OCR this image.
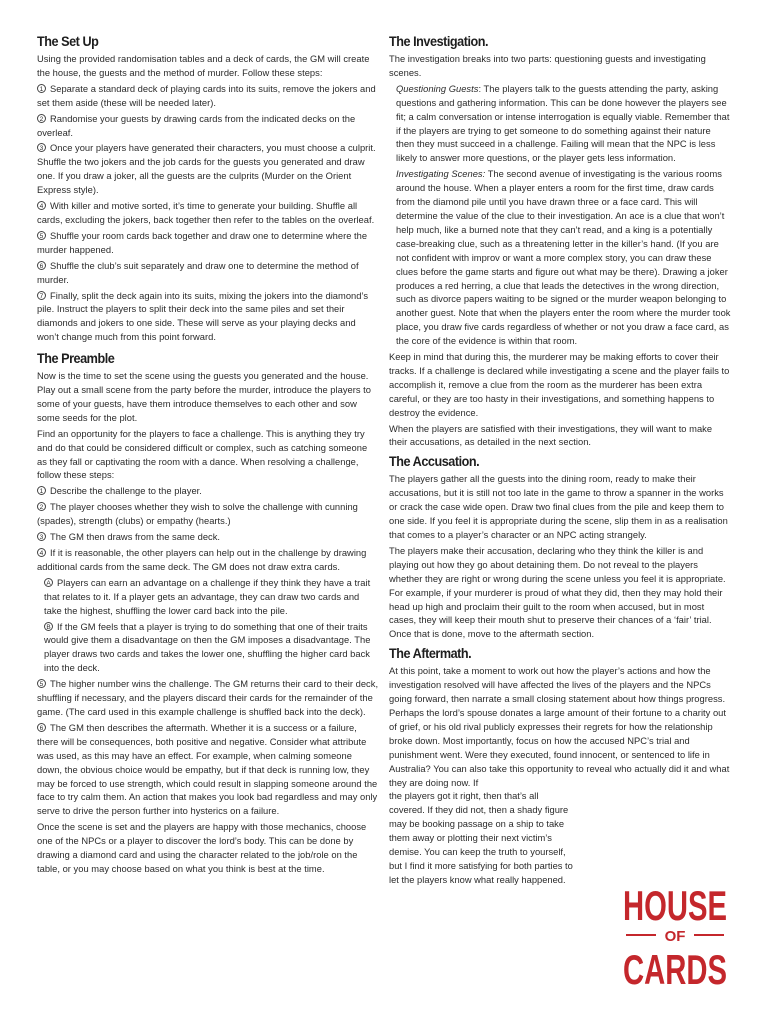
The Set Up

Using the provided randomisation tables and a deck of cards, the GM will create the house, the guests and the method of murder. Follow these steps:

1 Separate a standard deck of playing cards into its suits, remove the jokers and set them aside (these will be needed later).

2 Randomise your guests by drawing cards from the indicated decks on the overleaf.

3 Once your players have generated their characters, you must choose a culprit. Shuffle the two jokers and the job cards for the guests you generated and draw one. If you draw a joker, all the guests are the culprits (Murder on the Orient Express style).

4 With killer and motive sorted, it’s time to generate your building. Shuffle all cards, excluding the jokers, back together then refer to the tables on the overleaf.

5 Shuffle your room cards back together and draw one to determine where the murder happened.

6 Shuffle the club’s suit separately and draw one to determine the method of murder.

7 Finally, split the deck again into its suits, mixing the jokers into the diamond’s pile. Instruct the players to split their deck into the same piles and set their diamonds and jokers to one side. These will serve as your playing decks and won’t change much from this point forward.

The Preamble

Now is the time to set the scene using the guests you generated and the house. Play out a small scene from the party before the murder, introduce the players to some of your guests, have them introduce themselves to each other and sow some seeds for the plot.

Find an opportunity for the players to face a challenge. This is anything they try and do that could be considered difficult or complex, such as catching someone as they fall or captivating the room with a dance. When resolving a challenge, follow these steps:

1 Describe the challenge to the player.

2 The player chooses whether they wish to solve the challenge with cunning (spades), strength (clubs) or empathy (hearts.)

3 The GM then draws from the same deck.

4 If it is reasonable, the other players can help out in the challenge by drawing additional cards from the same deck. The GM does not draw extra cards.

A Players can earn an advantage on a challenge if they think they have a trait that relates to it. If a player gets an advantage, they can draw two cards and take the highest, shuffling the lower card back into the pile.

B If the GM feels that a player is trying to do something that one of their traits would give them a disadvantage on then the GM imposes a disadvantage. The player draws two cards and takes the lower one, shuffling the higher card back into the deck.

5 The higher number wins the challenge. The GM returns their card to their deck, shuffling if necessary, and the players discard their cards for the remainder of the game. (The card used in this example challenge is shuffled back into the deck).

6 The GM then describes the aftermath. Whether it is a success or a failure, there will be consequences, both positive and negative. Consider what attribute was used, as this may have an effect. For example, when calming someone down, the obvious choice would be empathy, but if that deck is running low, they may be forced to use strength, which could result in slapping someone around the face to try calm them. An action that makes you look bad regardless and may only serve to drive the person further into hysterics on a failure.

Once the scene is set and the players are happy with those mechanics, choose one of the NPCs or a player to discover the lord’s body. This can be done by drawing a diamond card and using the character related to the job/role on the table, or you may choose based on what you think is best at the time.

The Investigation.

The investigation breaks into two parts: questioning guests and investigating scenes.

Questioning Guests: The players talk to the guests attending the party, asking questions and gathering information. This can be done however the players see fit; a calm conversation or intense interrogation is equally viable. Remember that if the players are trying to get someone to do something against their nature then they must succeed in a challenge. Failing will mean that the NPC is less likely to answer more questions, or the player gets less information.

Investigating Scenes: The second avenue of investigating is the various rooms around the house. When a player enters a room for the first time, draw cards from the diamond pile until you have drawn three or a face card. This will determine the value of the clue to their investigation. An ace is a clue that won’t help much, like a burned note that they can’t read, and a king is a potentially case-breaking clue, such as a threatening letter in the killer’s hand. (If you are not confident with improv or want a more complex story, you can draw these clues before the game starts and figure out what may be there). Drawing a joker produces a red herring, a clue that leads the detectives in the wrong direction, such as divorce papers waiting to be signed or the murder weapon belonging to another guest. Note that when the players enter the room where the murder took place, you draw five cards regardless of whether or not you draw a face card, as the core of the evidence is within that room.

Keep in mind that during this, the murderer may be making efforts to cover their tracks. If a challenge is declared while investigating a scene and the player fails to accomplish it, remove a clue from the room as the murderer has been extra careful, or they are too hasty in their investigations, and something happens to destroy the evidence.

When the players are satisfied with their investigations, they will want to make their accusations, as detailed in the next section.

The Accusation.

The players gather all the guests into the dining room, ready to make their accusations, but it is still not too late in the game to throw a spanner in the works or crack the case wide open. Draw two final clues from the pile and keep them to one side. If you feel it is appropriate during the scene, slip them in as a realisation that comes to a player’s character or an NPC acting strangely.

The players make their accusation, declaring who they think the killer is and playing out how they go about detaining them. Do not reveal to the players whether they are right or wrong during the scene unless you feel it is appropriate. For example, if your murderer is proud of what they did, then they may hold their head up high and proclaim their guilt to the room when accused, but in most cases, they will keep their mouth shut to preserve their chances of a ‘fair’ trial. Once that is done, move to the aftermath section.

The Aftermath.

At this point, take a moment to work out how the player’s actions and how the investigation resolved will have affected the lives of the players and the NPCs going forward, then narrate a small closing statement about how things progress. Perhaps the lord’s spouse donates a large amount of their fortune to a charity out of grief, or his old rival publicly expresses their regrets for how the relationship broke down. Most importantly, focus on how the accused NPC’s trial and punishment went. Were they executed, found innocent, or sentenced to life in Australia? You can also take this opportunity to reveal who actually did it and what they are doing now. If

the players got it right, then that’s all
covered. If they did not, then a shady figure
may be booking passage on a ship to take
them away or plotting their next victim’s
demise. You can keep the truth to yourself,
but I find it more satisfying for both parties to
let the players know what really happened.
HOUSE
OF
CARDS
